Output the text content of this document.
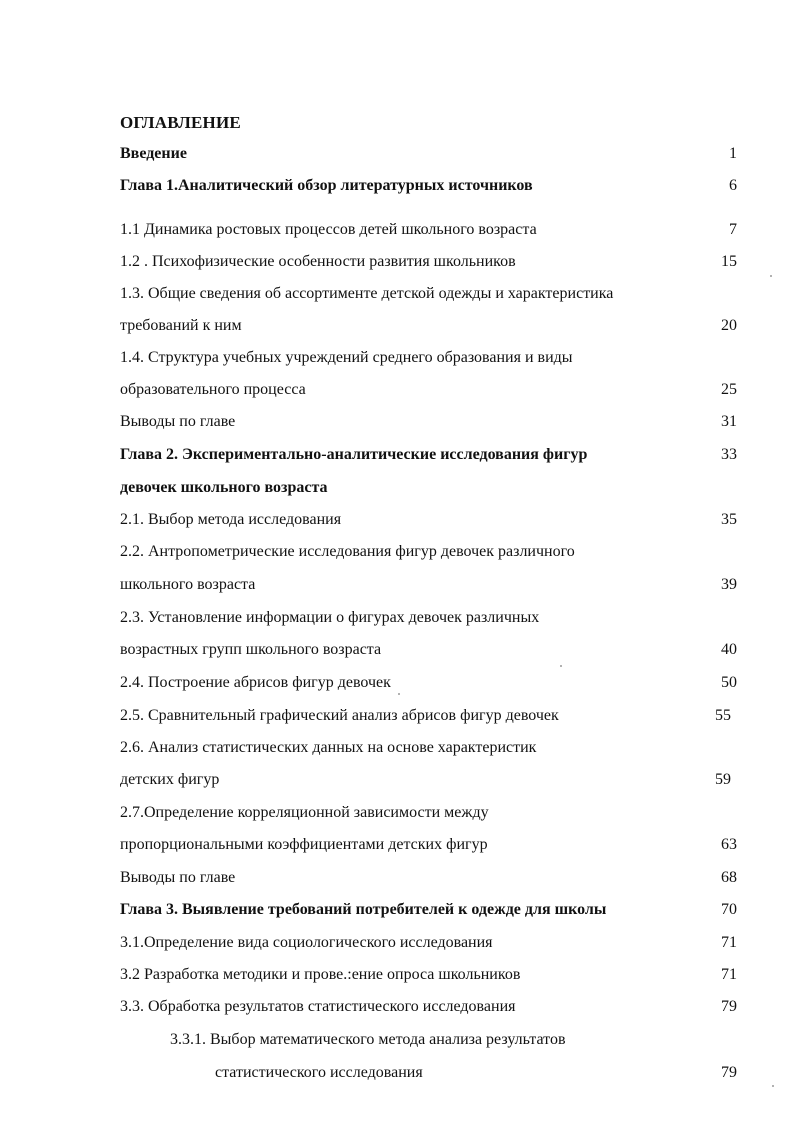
ОГЛАВЛЕНИЕ
Введение	1
Глава 1.Аналитический обзор литературных источников	6
1.1 Динамика ростовых процессов детей школьного возраста	7
1.2 . Психофизические особенности развития школьников	15
1.3. Общие сведения об ассортименте детской одежды и характеристика
требований к ним	20
1.4. Структура учебных учреждений среднего образования и виды
образовательного процесса	25
Выводы по главе	31
Глава 2. Экспериментально-аналитические исследования фигур	33
девочек школьного возраста
2.1. Выбор метода исследования	35
2.2. Антропометрические исследования фигур девочек различного
школьного возраста	39
2.3. Установление информации о фигурах девочек различных
возрастных групп школьного возраста	40
2.4. Построение абрисов фигур девочек	50
2.5. Сравнительный графический анализ абрисов фигур девочек	55
2.6. Анализ статистических данных на основе характеристик
детских фигур	59
2.7.Определение корреляционной зависимости между
пропорциональными коэффициентами детских фигур	63
Выводы по главе	68
Глава 3. Выявление требований потребителей к одежде для школы	70
3.1.Определение вида социологического исследования	71
3.2 Разработка методики и прове.:ение опроса школьников	71
3.3. Обработка результатов статистического исследования	79
3.3.1. Выбор математического метода анализа результатов
статистического исследования	79
